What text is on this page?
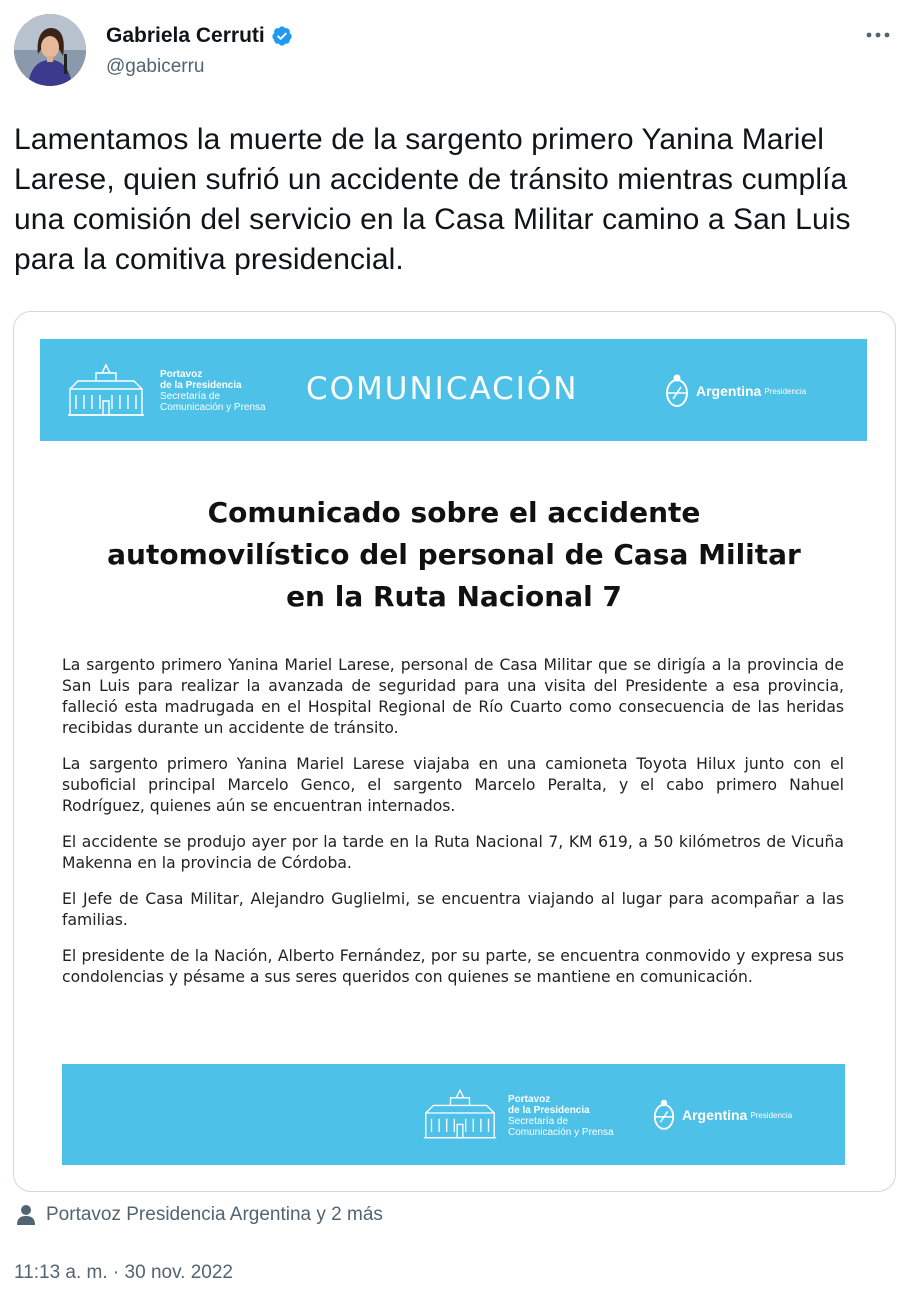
Gabriela Cerruti
@gabicerru
Lamentamos la muerte de la sargento primero Yanina Mariel Larese, quien sufrió un accidente de tránsito mientras cumplía una comisión del servicio en la Casa Militar camino a San Luis para la comitiva presidencial.
Portavoz
de la Presidencia
Secretaría de
Comunicación y Prensa
COMUNICACIÓN	Argentina Presidencia
Comunicado sobre el accidente
automovilístico del personal de Casa Militar
en la Ruta Nacional 7

La sargento primero Yanina Mariel Larese, personal de Casa Militar que se dirigía a la provincia de San Luis para realizar la avanzada de seguridad para una visita del Presidente a esa provincia, falleció esta madrugada en el Hospital Regional de Río Cuarto como consecuencia de las heridas recibidas durante un accidente de tránsito.

La sargento primero Yanina Mariel Larese viajaba en una camioneta Toyota Hilux junto con el suboficial principal Marcelo Genco, el sargento Marcelo Peralta, y el cabo primero Nahuel Rodríguez, quienes aún se encuentran internados.

El accidente se produjo ayer por la tarde en la Ruta Nacional 7, KM 619, a 50 kilómetros de Vicuña Makenna en la provincia de Córdoba.

El Jefe de Casa Militar, Alejandro Guglielmi, se encuentra viajando al lugar para acompañar a las familias.

El presidente de la Nación, Alberto Fernández, por su parte, se encuentra conmovido y expresa sus condolencias y pésame a sus seres queridos con quienes se mantiene en comunicación.

Portavoz
de la Presidencia
Secretaría de
Comunicación y Prensa
Argentina Presidencia
Portavoz Presidencia Argentina y 2 más
11:13 a. m. · 30 nov. 2022
